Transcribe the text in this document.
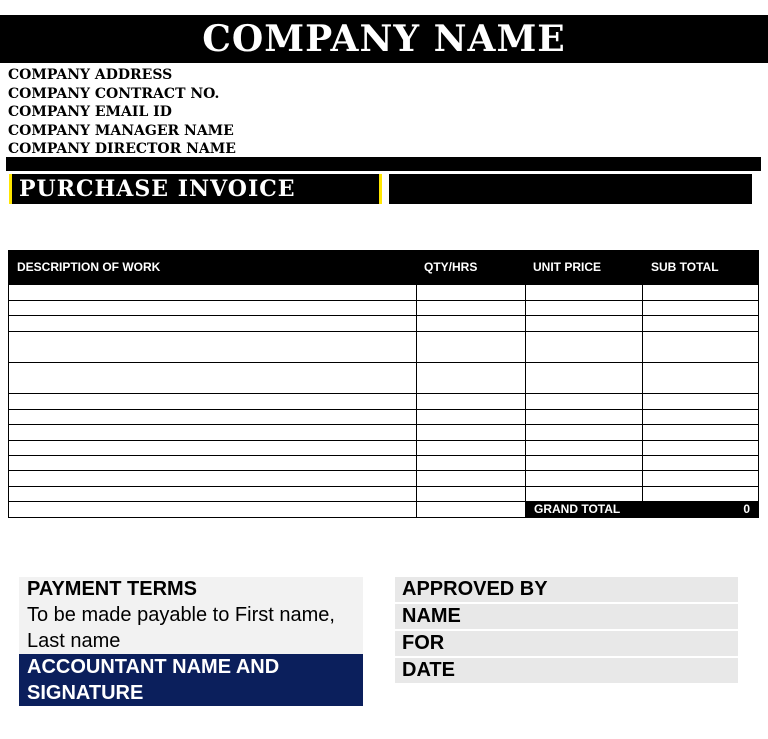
COMPANY NAME
COMPANY ADDRESS
COMPANY CONTRACT NO.
COMPANY EMAIL ID
COMPANY MANAGER NAME
COMPANY DIRECTOR NAME
PURCHASE INVOICE
DESCRIPTION OF WORK	QTY/HRS	UNIT PRICE	SUB TOTAL
GRAND TOTAL	0
PAYMENT TERMS
To be made payable to First name, Last name
ACCOUNTANT NAME AND SIGNATURE
APPROVED BY
NAME
FOR
DATE
